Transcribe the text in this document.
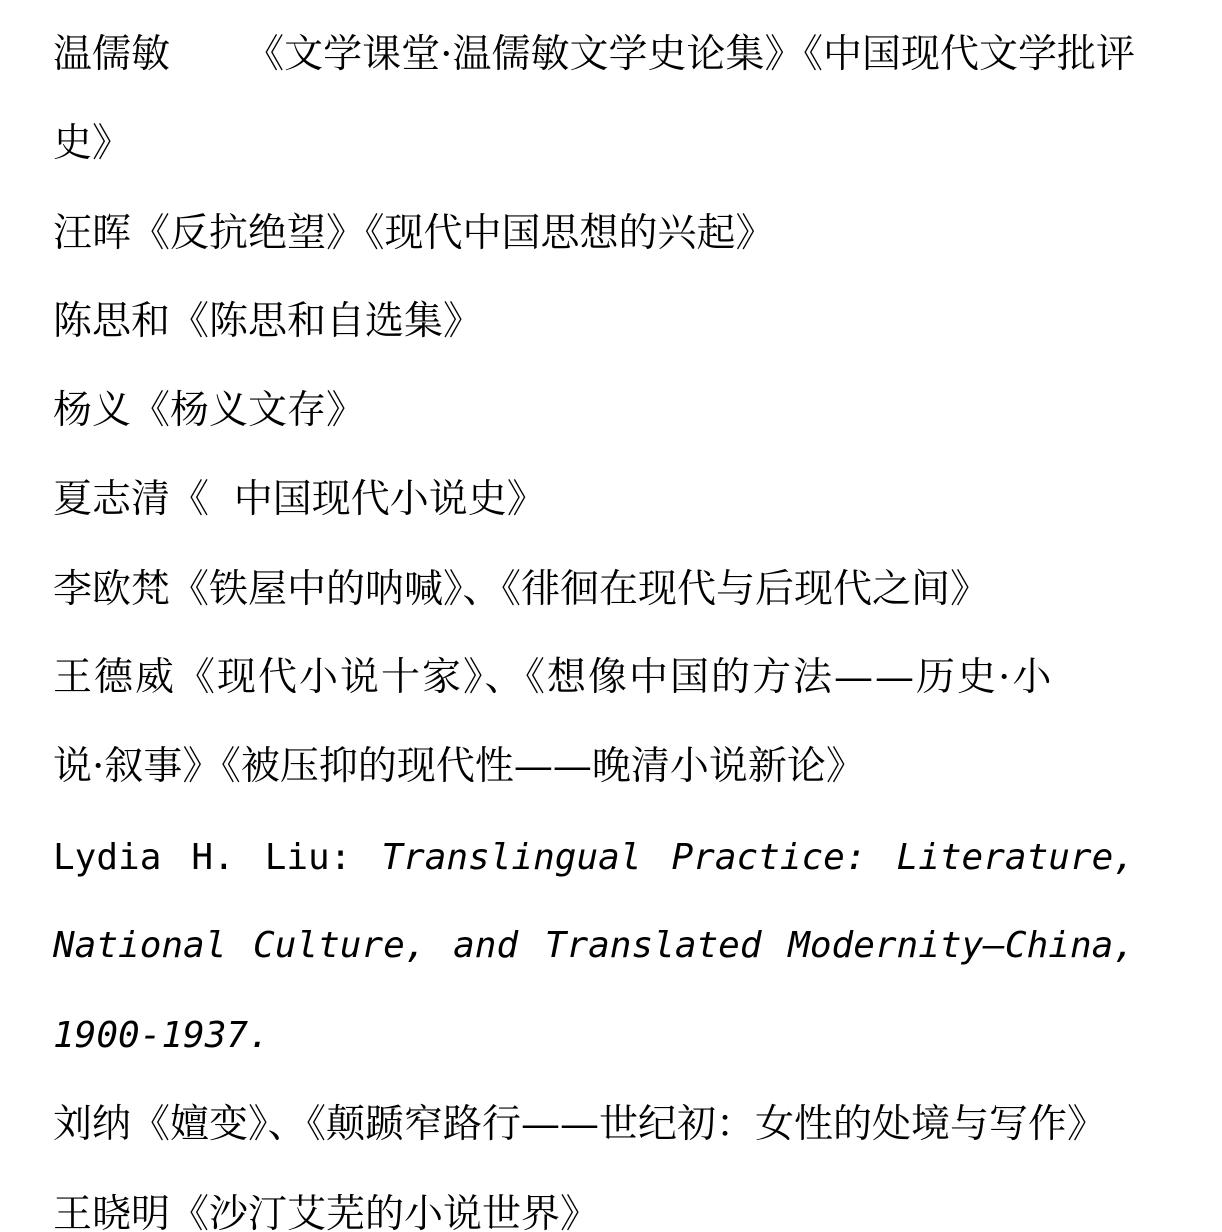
温儒敏 《文学课堂·温儒敏文学史论集》《中国现代文学批评
史》
汪晖《反抗绝望》《现代中国思想的兴起》
陈思和《陈思和自选集》
杨义《杨义文存》
夏志清《  中国现代小说史》
李欧梵《铁屋中的呐喊》、《徘徊在现代与后现代之间》
王德威《现代小说十家》、《想像中国的方法——历史·小
说·叙事》《被压抑的现代性——晚清小说新论》
Lydia H. Liu: Translingual Practice: Literature,
National Culture, and Translated Modernity—China,
1900-1937.
刘纳《嬗变》、《颠踬窄路行——世纪初：女性的处境与写作》
王晓明《沙汀艾芜的小说世界》
